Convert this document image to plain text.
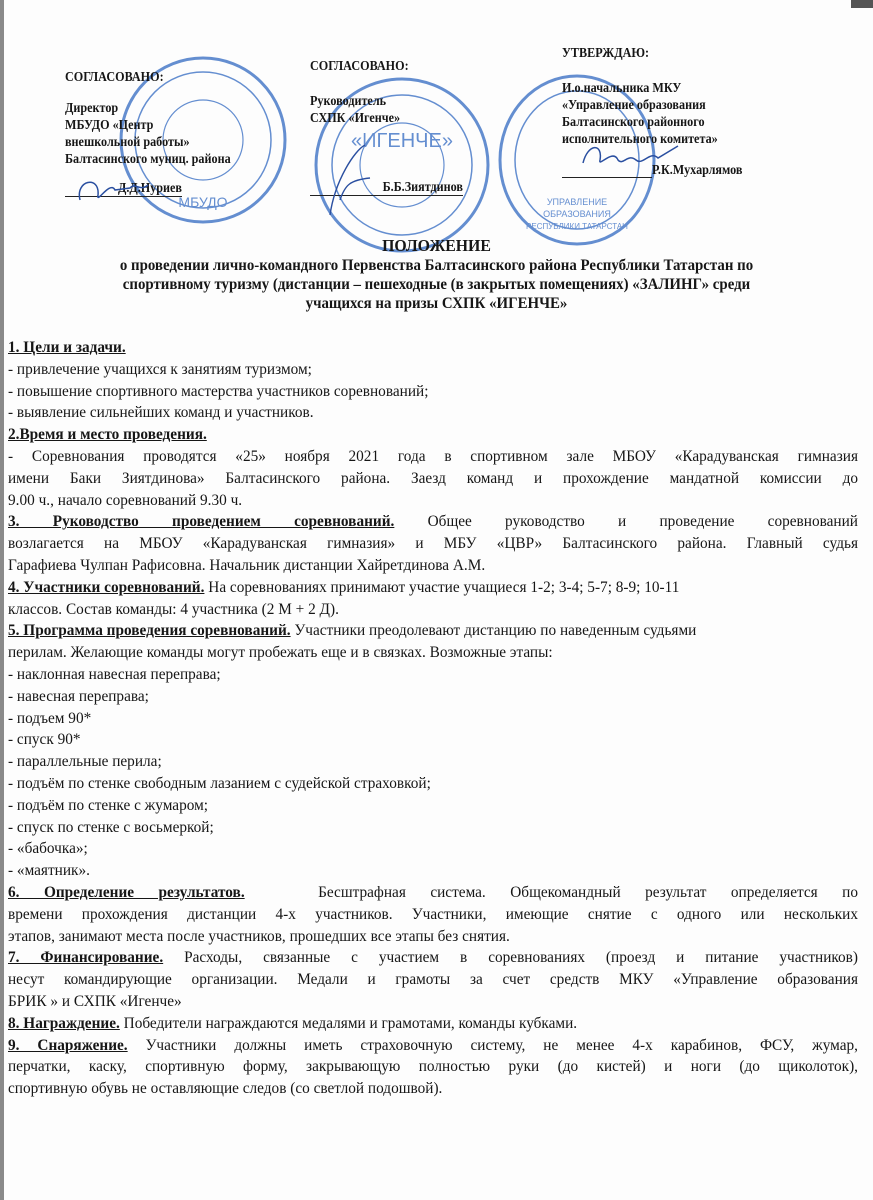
МБУДО
«ИГЕНЧЕ»
УПРАВЛЕНИЕ
ОБРАЗОВАНИЯ
РЕСПУБЛИКИ ТАТАРСТАН
СОГЛАСОВАНО:
Директор
МБУДО «Центр
внешкольной работы»
Балтасинского муниц. района
Д.Д.Нуриев
СОГЛАСОВАНО:
Руководитель
СХПК «Игенче»
Б.Б.Зиятдинов
УТВЕРЖДАЮ:
И.о.начальника МКУ
«Управление образования
Балтасинского районного
исполнительного комитета»
Р.К.Мухарлямов
ПОЛОЖЕНИЕ
о проведении лично-командного Первенства Балтасинского района Республики Татарстан по
спортивному туризму (дистанции – пешеходные (в закрытых помещениях) «ЗАЛИНГ» среди
учащихся на призы СХПК «ИГЕНЧЕ»
1. Цели и задачи.
- привлечение учащихся к занятиям туризмом;
- повышение спортивного мастерства участников соревнований;
- выявление сильнейших команд и участников.
2.Время и место проведения.
- Соревнования проводятся «25» ноября 2021 года в спортивном зале МБОУ «Карадуванская гимназия
имени Баки Зиятдинова» Балтасинского района. Заезд команд и прохождение мандатной комиссии до
9.00 ч., начало соревнований 9.30 ч.
3. Руководство проведением соревнований. Общее руководство и проведение соревнований
возлагается на МБОУ «Карадуванская гимназия» и МБУ «ЦВР» Балтасинского района. Главный судья
Гарафиева Чулпан Рафисовна. Начальник дистанции Хайретдинова А.М.
4. Участники соревнований. На соревнованиях принимают участие учащиеся 1-2; 3-4; 5-7; 8-9; 10-11
классов. Состав команды: 4 участника (2 М + 2 Д).
5. Программа проведения соревнований. Участники преодолевают дистанцию по наведенным судьями
перилам. Желающие команды могут пробежать еще и в связках. Возможные этапы:
- наклонная навесная переправа;
- навесная переправа;
- подъем 90*
- спуск 90*
- параллельные перила;
- подъём по стенке свободным лазанием с судейской страховкой;
- подъём по стенке с жумаром;
- спуск по стенке с восьмеркой;
- «бабочка»;
- «маятник».
6. Определение результатов.	Бесштрафная система. Общекомандный результат определяется по
времени прохождения дистанции 4-х участников. Участники, имеющие снятие с одного или нескольких
этапов, занимают места после участников, прошедших все этапы без снятия.
7. Финансирование. Расходы, связанные с участием в соревнованиях (проезд и питание участников)
несут командирующие организации. Медали и грамоты за счет средств МКУ «Управление образования
БРИК » и СХПК «Игенче»
8. Награждение. Победители награждаются медалями и грамотами, команды кубками.
9. Снаряжение. Участники должны иметь страховочную систему, не менее 4-х карабинов, ФСУ, жумар,
перчатки, каску, спортивную форму, закрывающую полностью руки (до кистей) и ноги (до щиколоток),
спортивную обувь не оставляющие следов (со светлой подошвой).
